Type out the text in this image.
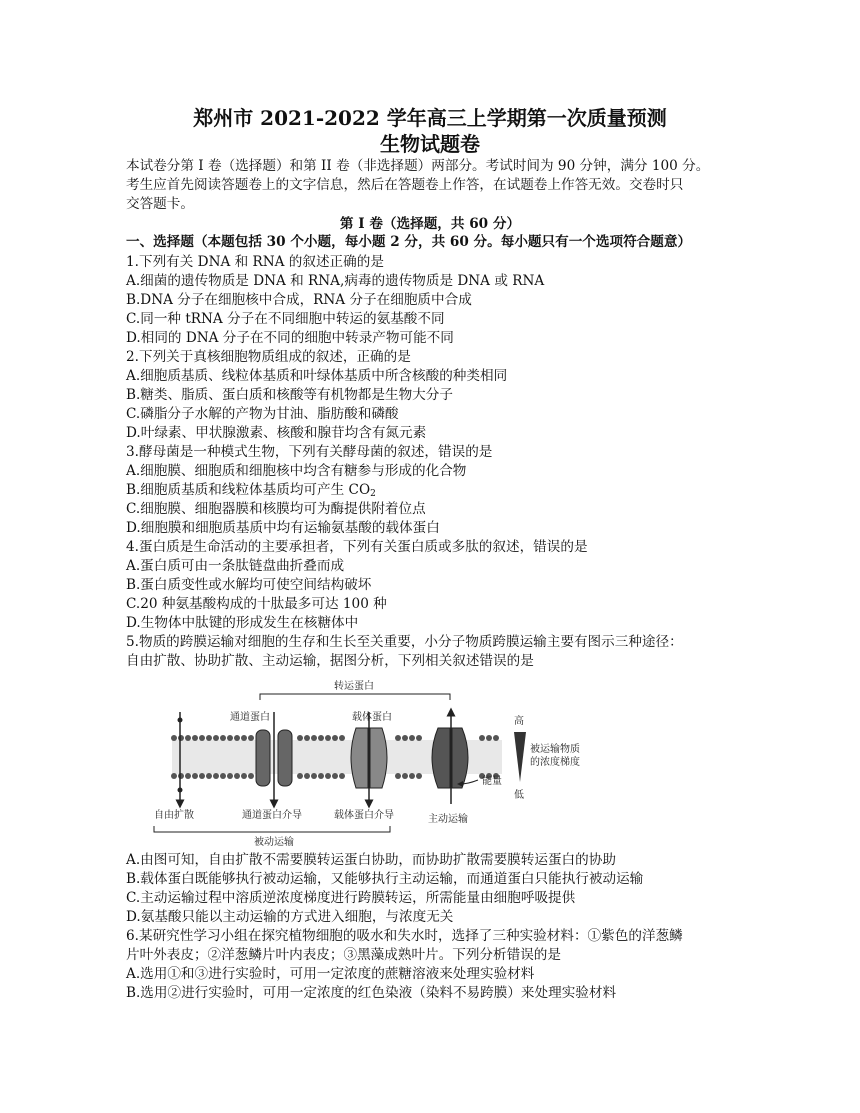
郑州市 2021-2022 学年高三上学期第一次质量预测
生物试题卷
本试卷分第 I 卷（选择题）和第 II 卷（非选择题）两部分。考试时间为 90 分钟，满分 100 分。
考生应首先阅读答题卷上的文字信息，然后在答题卷上作答，在试题卷上作答无效。交卷时只
交答题卡。
第 I 卷（选择题，共 60 分）
一、选择题（本题包括 30 个小题，每小题 2 分，共 60 分。每小题只有一个选项符合题意）
1.下列有关 DNA 和 RNA 的叙述正确的是
A.细菌的遗传物质是 DNA 和 RNA,病毒的遗传物质是 DNA 或 RNA
B.DNA 分子在细胞核中合成，RNA 分子在细胞质中合成
C.同一种 tRNA 分子在不同细胞中转运的氨基酸不同
D.相同的 DNA 分子在不同的细胞中转录产物可能不同
2.下列关于真核细胞物质组成的叙述，正确的是
A.细胞质基质、线粒体基质和叶绿体基质中所含核酸的种类相同
B.糖类、脂质、蛋白质和核酸等有机物都是生物大分子
C.磷脂分子水解的产物为甘油、脂肪酸和磷酸
D.叶绿素、甲状腺激素、核酸和腺苷均含有氮元素
3.酵母菌是一种模式生物，下列有关酵母菌的叙述，错误的是
A.细胞膜、细胞质和细胞核中均含有糖参与形成的化合物
B.细胞质基质和线粒体基质均可产生 $CO_2$
C.细胞膜、细胞器膜和核膜均可为酶提供附着位点
D.细胞膜和细胞质基质中均有运输氨基酸的载体蛋白
4.蛋白质是生命活动的主要承担者，下列有关蛋白质或多肽的叙述，错误的是
A.蛋白质可由一条肽链盘曲折叠而成
B.蛋白质变性或水解均可使空间结构破坏
C.20 种氨基酸构成的十肽最多可达 100 种
D.生物体中肽键的形成发生在核糖体中
5.物质的跨膜运输对细胞的生存和生长至关重要，小分子物质跨膜运输主要有图示三种途径：
自由扩散、协助扩散、主动运输，据图分析，下列相关叙述错误的是
转运蛋白
通道蛋白	载体蛋白
能量
高
低
被运输物质
的浓度梯度
自由扩散	通道蛋白介导	载体蛋白介导	主动运输
被动运输
A.由图可知，自由扩散不需要膜转运蛋白协助，而协助扩散需要膜转运蛋白的协助
B.载体蛋白既能够执行被动运输，又能够执行主动运输，而通道蛋白只能执行被动运输
C.主动运输过程中溶质逆浓度梯度进行跨膜转运，所需能量由细胞呼吸提供
D.氨基酸只能以主动运输的方式进入细胞，与浓度无关
6.某研究性学习小组在探究植物细胞的吸水和失水时，选择了三种实验材料：①紫色的洋葱鳞
片叶外表皮；②洋葱鳞片叶内表皮；③黑藻成熟叶片。下列分析错误的是
A.选用①和③进行实验时，可用一定浓度的蔗糖溶液来处理实验材料
B.选用②进行实验时，可用一定浓度的红色染液（染料不易跨膜）来处理实验材料
